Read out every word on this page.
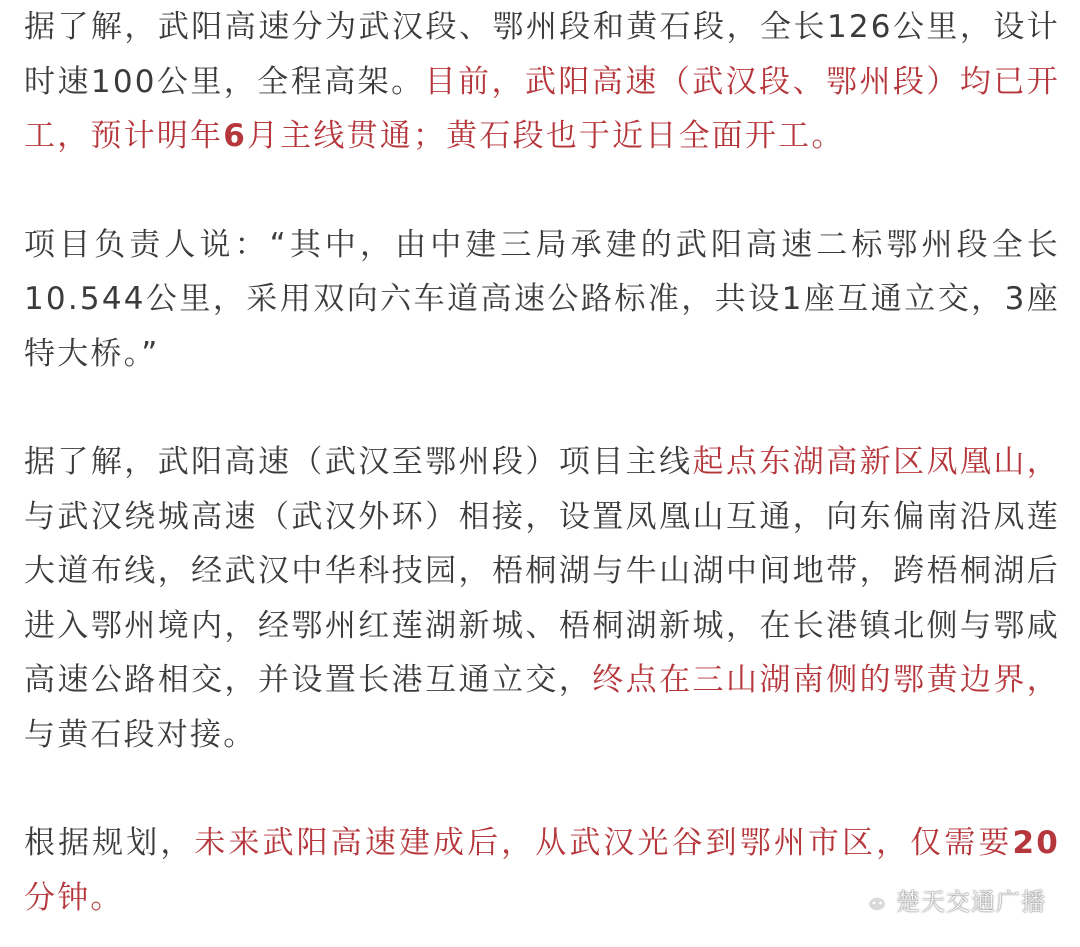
据了解，武阳高速分为武汉段、鄂州段和黄石段，全长126公里，设计时速100公里，全程高架。目前，武阳高速（武汉段、鄂州段）均已开工，预计明年6月主线贯通；黄石段也于近日全面开工。

项目负责人说：“其中，由中建三局承建的武阳高速二标鄂州段全长10.544公里，采用双向六车道高速公路标准，共设1座互通立交，3座特大桥。”

据了解，武阳高速（武汉至鄂州段）项目主线起点东湖高新区凤凰山，与武汉绕城高速（武汉外环）相接，设置凤凰山互通，向东偏南沿凤莲大道布线，经武汉中华科技园，梧桐湖与牛山湖中间地带，跨梧桐湖后进入鄂州境内，经鄂州红莲湖新城、梧桐湖新城，在长港镇北侧与鄂咸高速公路相交，并设置长港互通立交，终点在三山湖南侧的鄂黄边界，与黄石段对接。

根据规划，未来武阳高速建成后，从武汉光谷到鄂州市区，仅需要20分钟。	楚天交通广播
